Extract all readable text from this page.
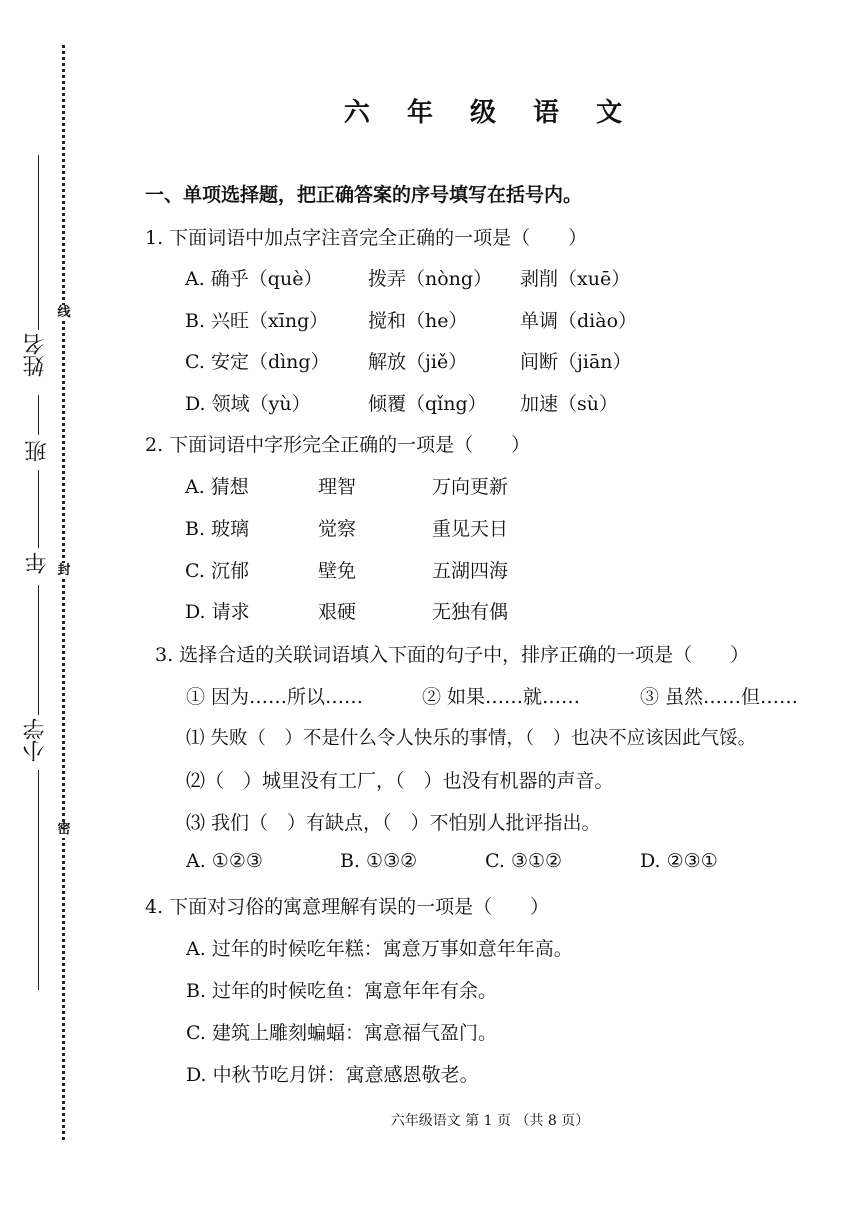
线
封
密
姓名
班
年
小学
六 年 级 语 文
一、单项选择题，把正确答案的序号填写在括号内。
1. 下面词语中加点字注音完全正确的一项是（　　）
A. 确乎（què） 拨弄（nòng） 剥削（xuē）
B. 兴旺（xīng） 搅和（he）	单调（diào）
C. 安定（dìng） 解放（jiě）	间断（jiān）
D. 领域（yù）	倾覆（qǐng） 加速（sù）
2. 下面词语中字形完全正确的一项是（　　）
A. 猜想	理智	万向更新
B. 玻璃	觉察	重见天日
C. 沉郁	壁免	五湖四海
D. 请求	艰硬	无独有偶
3. 选择合适的关联词语填入下面的句子中，排序正确的一项是（　　）
① 因为……所以……	② 如果……就……	③ 虽然……但……
⑴ 失败（　）不是什么令人快乐的事情，（　）也决不应该因此气馁。
⑵（　）城里没有工厂，（　）也没有机器的声音。
⑶ 我们（　）有缺点，（　）不怕别人批评指出。
A. ①②③	B. ①③②	C. ③①②	D. ②③①
4. 下面对习俗的寓意理解有误的一项是（　　）
A. 过年的时候吃年糕：寓意万事如意年年高。
B. 过年的时候吃鱼：寓意年年有余。
C. 建筑上雕刻蝙蝠：寓意福气盈门。
D. 中秋节吃月饼：寓意感恩敬老。
六年级语文 第 1 页 （共 8 页）
